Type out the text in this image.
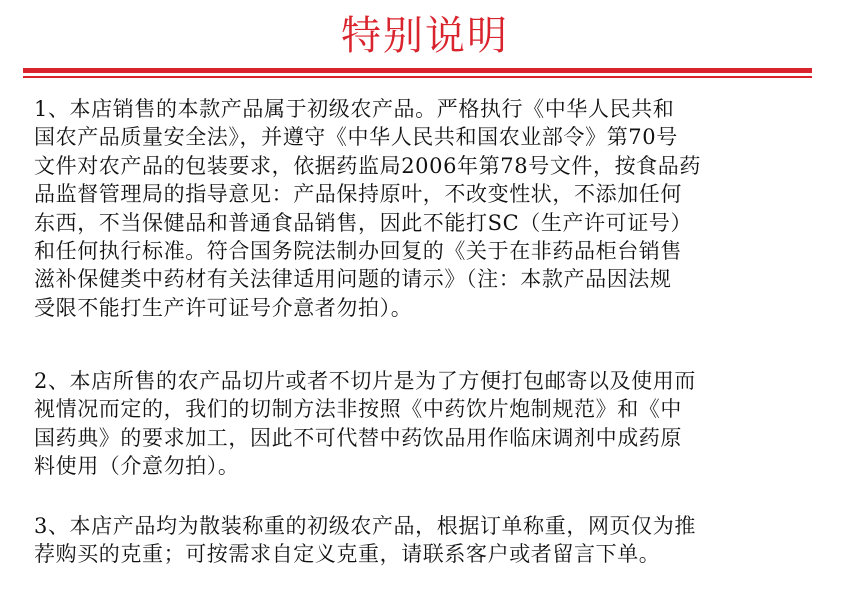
特别说明
1、本店销售的本款产品属于初级农产品。严格执行《中华人民共和
国农产品质量安全法》，并遵守《中华人民共和国农业部令》第70号
文件对农产品的包装要求，依据药监局2006年第78号文件，按食品药
品监督管理局的指导意见：产品保持原叶，不改变性状，不添加任何
东西，不当保健品和普通食品销售，因此不能打SC（生产许可证号）
和任何执行标准。符合国务院法制办回复的《关于在非药品柜台销售
滋补保健类中药材有关法律适用问题的请示》（注：本款产品因法规
受限不能打生产许可证号介意者勿拍）。
2、本店所售的农产品切片或者不切片是为了方便打包邮寄以及使用而
视情况而定的，我们的切制方法非按照《中药饮片炮制规范》和《中
国药典》的要求加工，因此不可代替中药饮品用作临床调剂中成药原
料使用（介意勿拍）。
3、本店产品均为散装称重的初级农产品，根据订单称重，网页仅为推
荐购买的克重；可按需求自定义克重，请联系客户或者留言下单。
